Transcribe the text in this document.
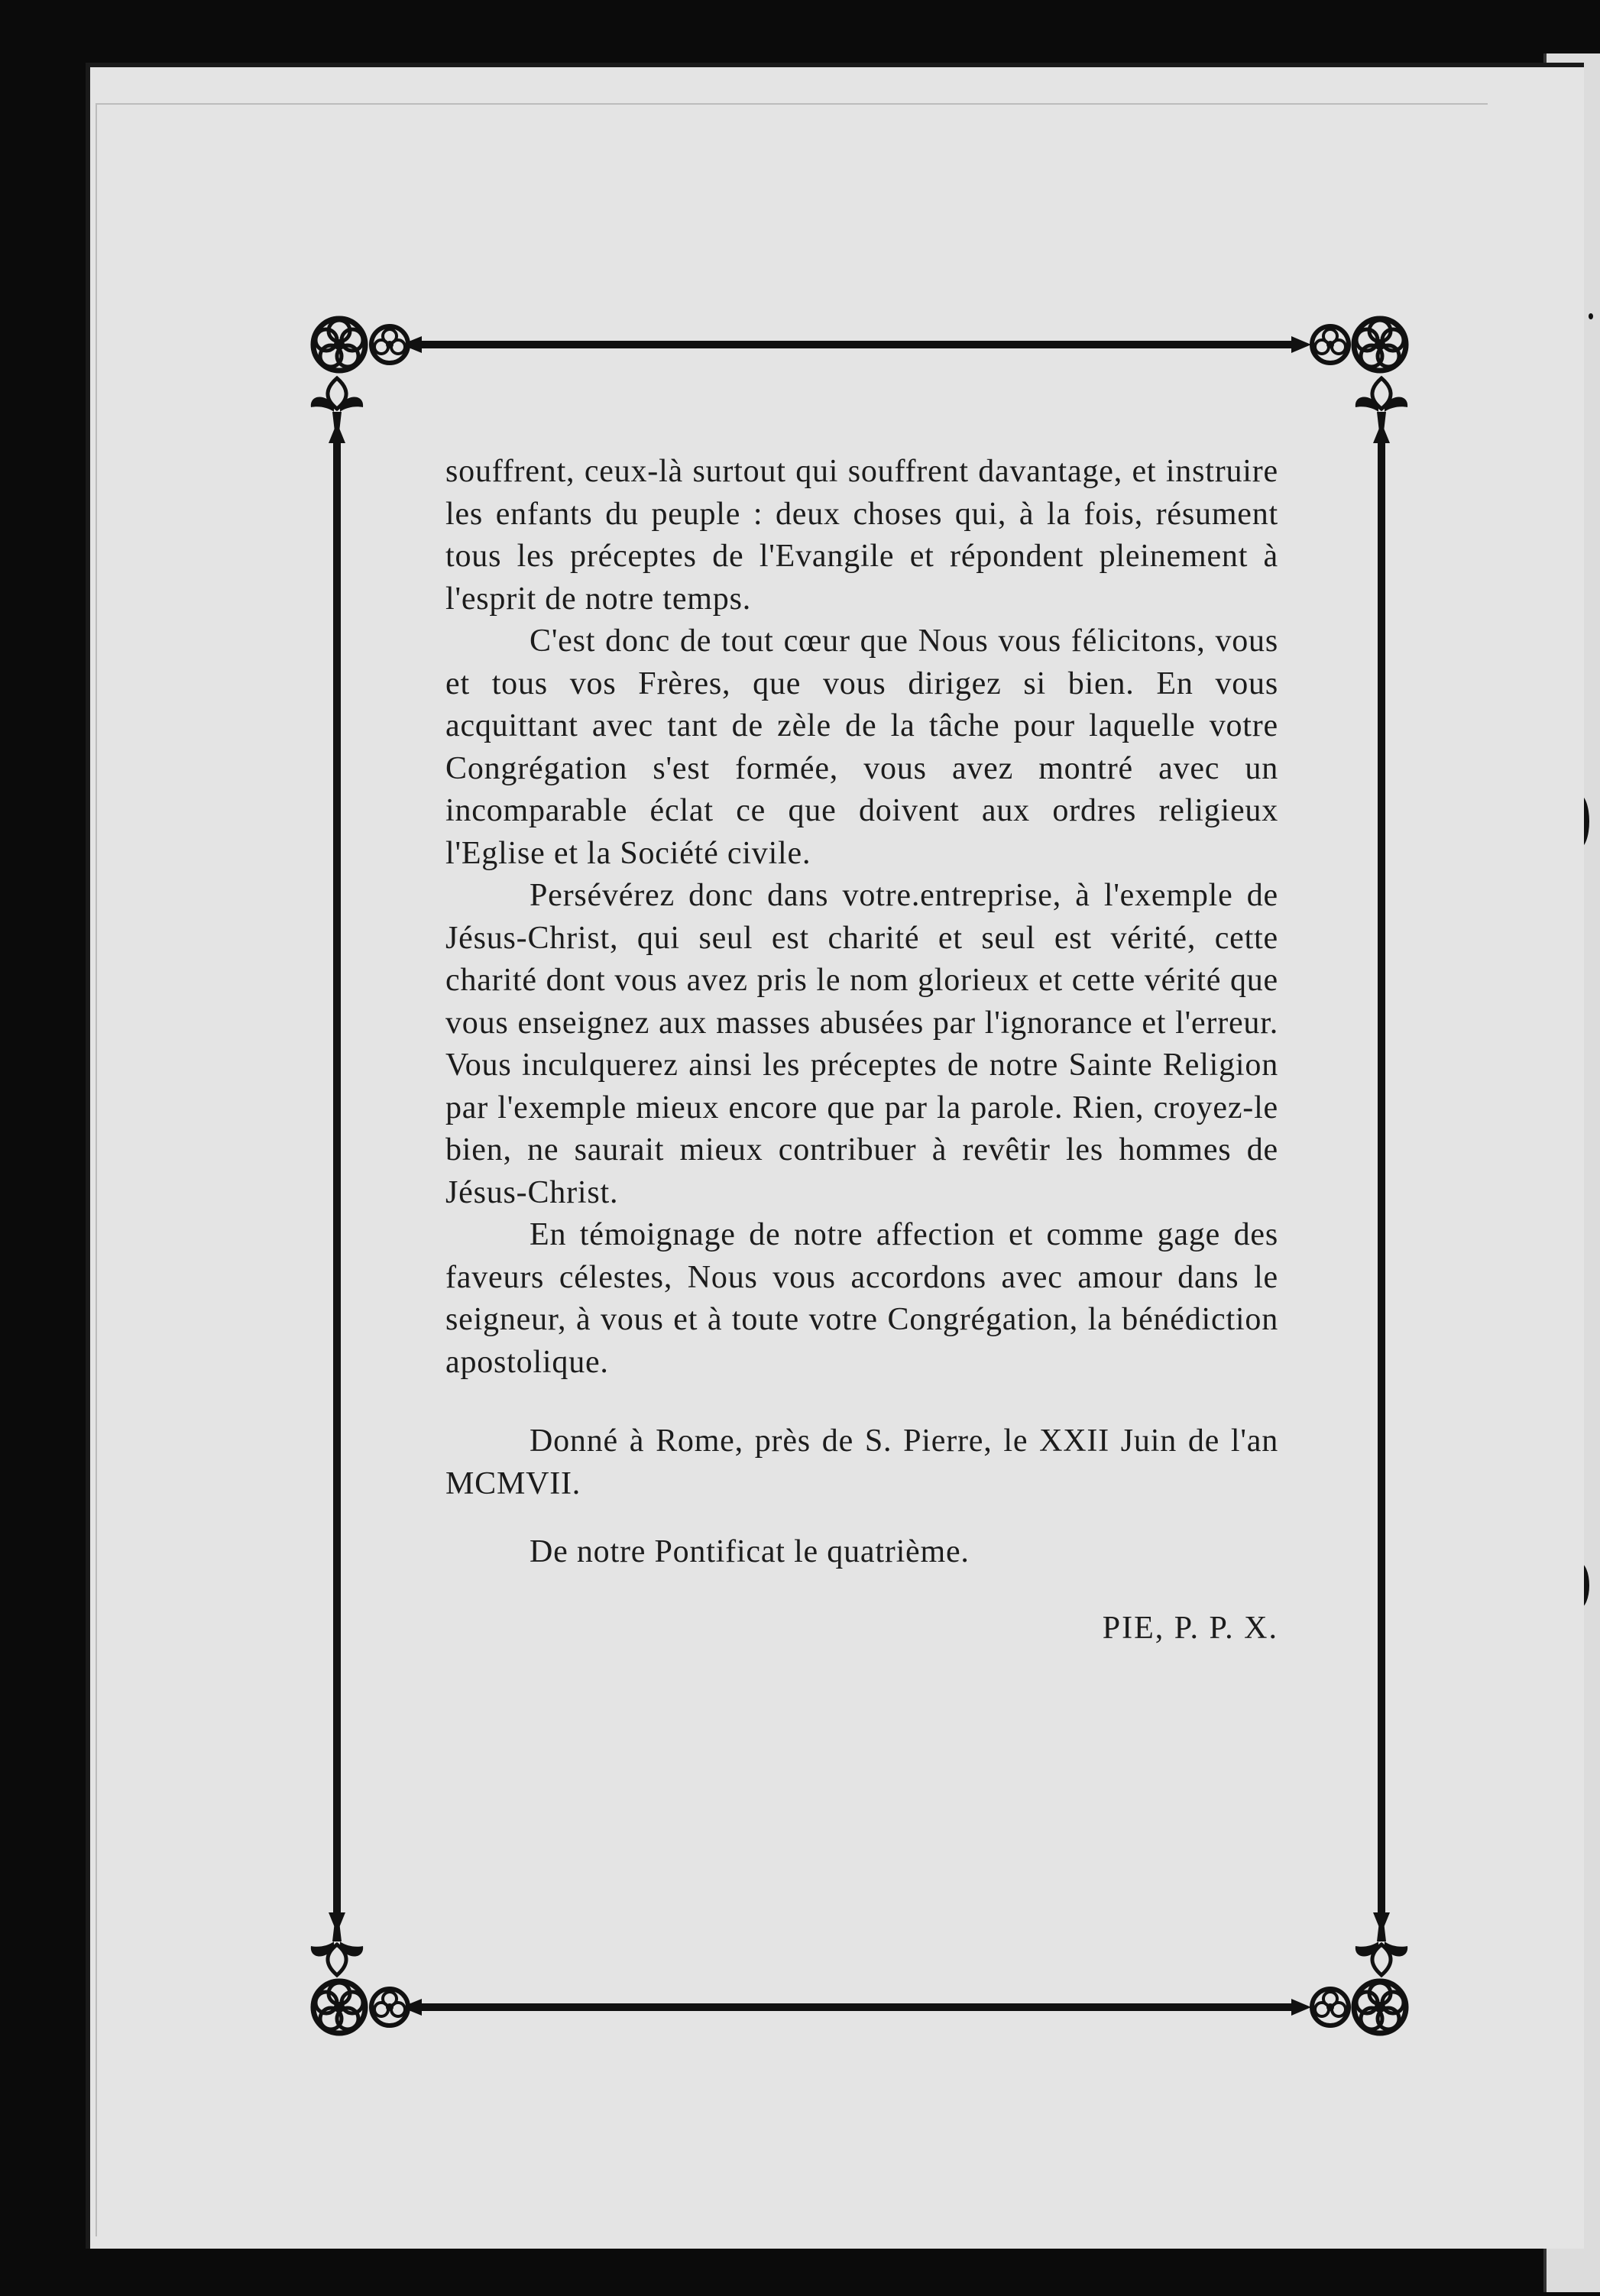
souffrent, ceux-là surtout qui souffrent davantage, et instruire les enfants du peuple : deux choses qui, à la fois, résument tous les préceptes de l'Evangile et répondent pleinement à l'esprit de notre temps.

C'est donc de tout cœur que Nous vous félicitons, vous et tous vos Frères, que vous dirigez si bien. En vous acquittant avec tant de zèle de la tâche pour laquelle votre Congrégation s'est formée, vous avez montré avec un incomparable éclat ce que doivent aux ordres religieux l'Eglise et la Société civile.

Persévérez donc dans votre.entreprise, à l'exemple de Jésus-Christ, qui seul est charité et seul est vérité, cette charité dont vous avez pris le nom glorieux et cette vérité que vous enseignez aux masses abusées par l'ignorance et l'erreur. Vous inculquerez ainsi les préceptes de notre Sainte Religion par l'exemple mieux encore que par la parole. Rien, croyez-le bien, ne saurait mieux contribuer à revêtir les hommes de Jésus-Christ.

En témoignage de notre affection et comme gage des faveurs célestes, Nous vous accordons avec amour dans le seigneur, à vous et à toute votre Congrégation, la bénédiction apostolique.

Donné à Rome, près de S. Pierre, le XXII Juin de l'an MCMVII.

De notre Pontificat le quatrième.

PIE, P. P. X.
